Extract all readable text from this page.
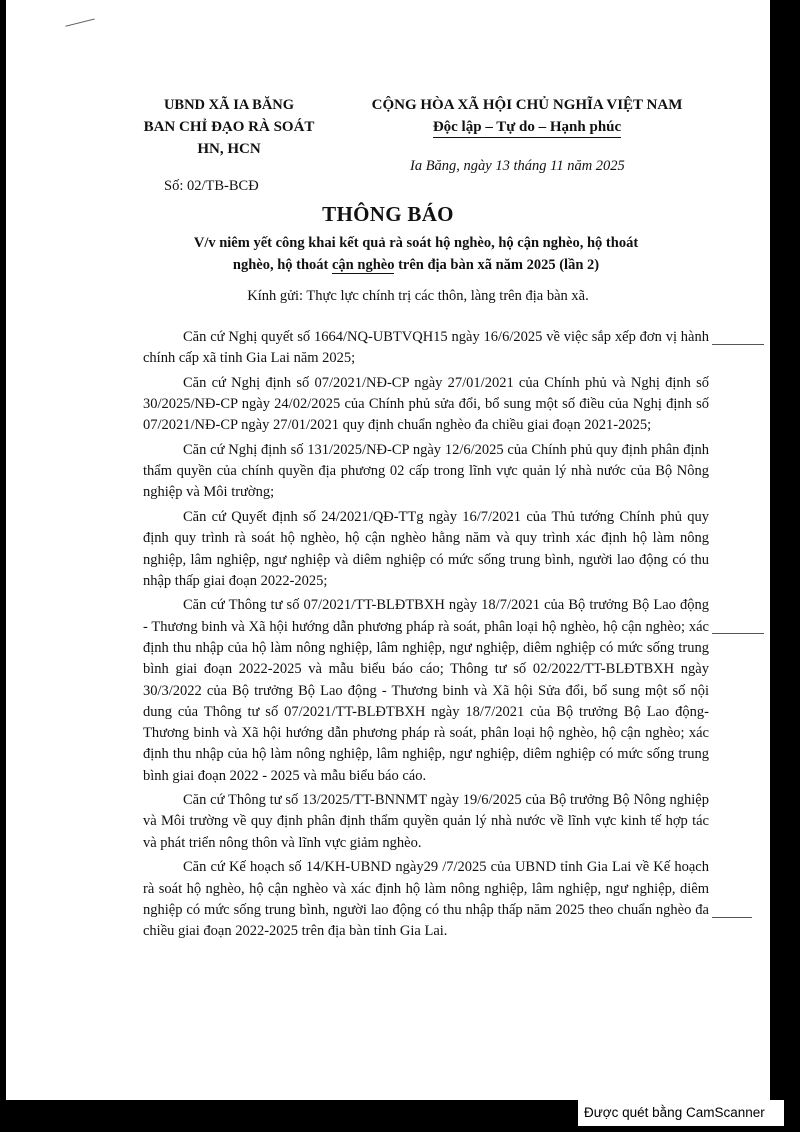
UBND XÃ IA BĂNG
BAN CHỈ ĐẠO RÀ SOÁT
HN, HCN
CỘNG HÒA XÃ HỘI CHỦ NGHĨA VIỆT NAM
Độc lập – Tự do – Hạnh phúc
Ia Băng, ngày 13 tháng 11 năm 2025
Số: 02/TB-BCĐ
THÔNG BÁO
V/v niêm yết công khai kết quả rà soát hộ nghèo, hộ cận nghèo, hộ thoát
nghèo, hộ thoát cận nghèo trên địa bàn xã năm 2025 (lần 2)
Kính gửi: Thực lực chính trị các thôn, làng trên địa bàn xã.

Căn cứ Nghị quyết số 1664/NQ-UBTVQH15 ngày 16/6/2025 về việc sắp xếp đơn vị hành chính cấp xã tỉnh Gia Lai năm 2025;

Căn cứ Nghị định số 07/2021/NĐ-CP ngày 27/01/2021 của Chính phủ và Nghị định số 30/2025/NĐ-CP ngày 24/02/2025 của Chính phủ sửa đổi, bổ sung một số điều của Nghị định số 07/2021/NĐ-CP ngày 27/01/2021 quy định chuẩn nghèo đa chiều giai đoạn 2021-2025;

Căn cứ Nghị định số 131/2025/NĐ-CP ngày 12/6/2025 của Chính phủ quy định phân định thẩm quyền của chính quyền địa phương 02 cấp trong lĩnh vực quản lý nhà nước của Bộ Nông nghiệp và Môi trường;

Căn cứ Quyết định số 24/2021/QĐ-TTg ngày 16/7/2021 của Thủ tướng Chính phủ quy định quy trình rà soát hộ nghèo, hộ cận nghèo hằng năm và quy trình xác định hộ làm nông nghiệp, lâm nghiệp, ngư nghiệp và diêm nghiệp có mức sống trung bình, người lao động có thu nhập thấp giai đoạn 2022-2025;

Căn cứ Thông tư số 07/2021/TT-BLĐTBXH ngày 18/7/2021 của Bộ trưởng Bộ Lao động - Thương binh và Xã hội hướng dẫn phương pháp rà soát, phân loại hộ nghèo, hộ cận nghèo; xác định thu nhập của hộ làm nông nghiệp, lâm nghiệp, ngư nghiệp, diêm nghiệp có mức sống trung bình giai đoạn 2022-2025 và mẫu biểu báo cáo; Thông tư số 02/2022/TT-BLĐTBXH ngày 30/3/2022 của Bộ trưởng Bộ Lao động - Thương binh và Xã hội Sửa đổi, bổ sung một số nội dung của Thông tư số 07/2021/TT-BLĐTBXH ngày 18/7/2021 của Bộ trưởng Bộ Lao động- Thương binh và Xã hội hướng dẫn phương pháp rà soát, phân loại hộ nghèo, hộ cận nghèo; xác định thu nhập của hộ làm nông nghiệp, lâm nghiệp, ngư nghiệp, diêm nghiệp có mức sống trung bình giai đoạn 2022 - 2025 và mẫu biểu báo cáo.

Căn cứ Thông tư số 13/2025/TT-BNNMT ngày 19/6/2025 của Bộ trưởng Bộ Nông nghiệp và Môi trường về quy định phân định thẩm quyền quản lý nhà nước về lĩnh vực kinh tế hợp tác và phát triển nông thôn và lĩnh vực giảm nghèo.

Căn cứ Kế hoạch số 14/KH-UBND ngày29 /7/2025 của UBND tỉnh Gia Lai về Kế hoạch rà soát hộ nghèo, hộ cận nghèo và xác định hộ làm nông nghiệp, lâm nghiệp, ngư nghiệp, diêm nghiệp có mức sống trung bình, người lao động có thu nhập thấp năm 2025 theo chuẩn nghèo đa chiều giai đoạn 2022-2025 trên địa bàn tỉnh Gia Lai.

Được quét bằng CamScanner
